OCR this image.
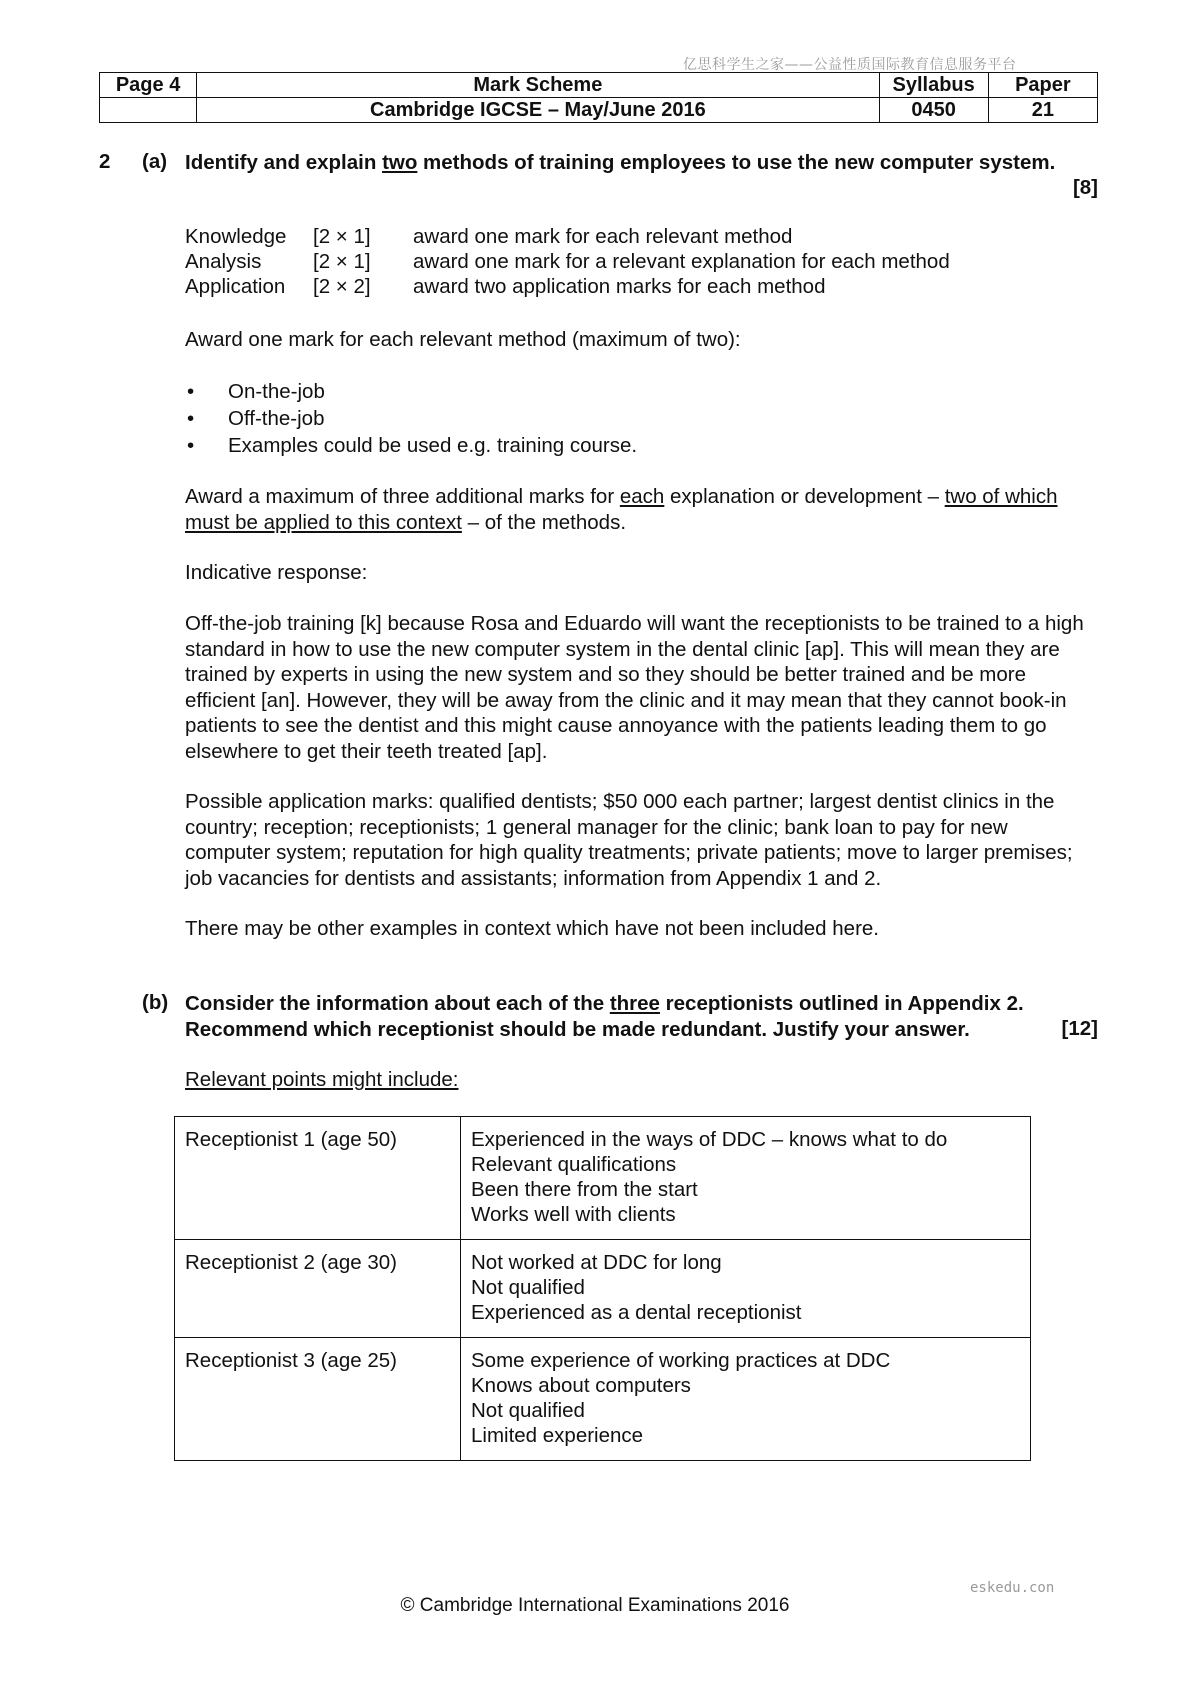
亿思科学生之家——公益性质国际教育信息服务平台
Page 4	Mark Scheme	Syllabus	Paper
	Cambridge IGCSE – May/June 2016	0450	21
2 (a) Identify and explain two methods of training employees to use the new computer system.
[8]
Knowledge [2 × 1] award one mark for each relevant method
Analysis	[2 × 1] award one mark for a relevant explanation for each method
Application [2 × 2] award two application marks for each method
Award one mark for each relevant method (maximum of two):
• On-the-job
• Off-the-job
• Examples could be used e.g. training course.
Award a maximum of three additional marks for each explanation or development – two of which must be applied to this context – of the methods.
Indicative response:
Off-the-job training [k] because Rosa and Eduardo will want the receptionists to be trained to a high standard in how to use the new computer system in the dental clinic [ap]. This will mean they are trained by experts in using the new system and so they should be better trained and be more efficient [an]. However, they will be away from the clinic and it may mean that they cannot book-in patients to see the dentist and this might cause annoyance with the patients leading them to go elsewhere to get their teeth treated [ap].
Possible application marks: qualified dentists; $50 000 each partner; largest dentist clinics in the country; reception; receptionists; 1 general manager for the clinic; bank loan to pay for new computer system; reputation for high quality treatments; private patients; move to larger premises; job vacancies for dentists and assistants; information from Appendix 1 and 2.
There may be other examples in context which have not been included here.
(b) Consider the information about each of the three receptionists outlined in Appendix 2.
Recommend which receptionist should be made redundant. Justify your answer.	[12]
Relevant points might include:
Receptionist 1 (age 50)	Experienced in the ways of DDC – knows what to do
Relevant qualifications
Been there from the start
Works well with clients

Receptionist 2 (age 30)	Not worked at DDC for long
Not qualified
Experienced as a dental receptionist

Receptionist 3 (age 25)	Some experience of working practices at DDC
Knows about computers
Not qualified
Limited experience
eskedu.con
© Cambridge International Examinations 2016
